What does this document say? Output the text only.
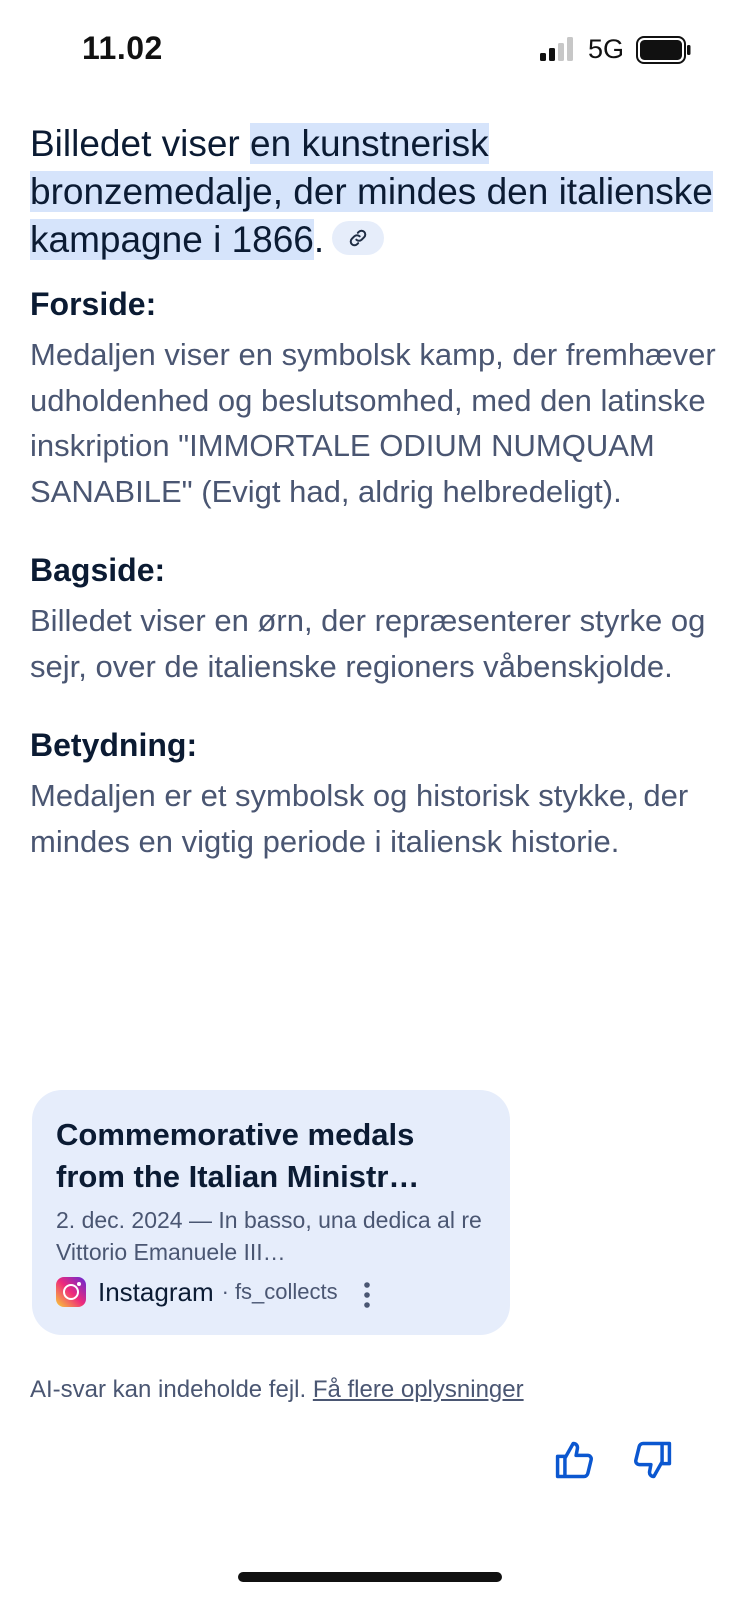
11.02	5G

Billedet viser en kunstnerisk bronzemedalje, der mindes den italienske kampagne i 1866.

Forside:

Medaljen viser en symbolsk kamp, der fremhæver udholdenhed og beslutsomhed, med den latinske inskription "IMMORTALE ODIUM NUMQUAM SANABILE" (Evigt had, aldrig helbredeligt).

Bagside:

Billedet viser en ørn, der repræsenterer styrke og sejr, over de italienske regioners våbenskjolde.

Betydning:

Medaljen er et symbolsk og historisk stykke, der mindes en vigtig periode i italiensk historie.

Commemorative medals from the Italian Ministr…
2. dec. 2024 — In basso, una dedica al re Vittorio Emanuele III…
Instagram · fs_collects
AI-svar kan indeholde fejl. Få flere oplysninger
